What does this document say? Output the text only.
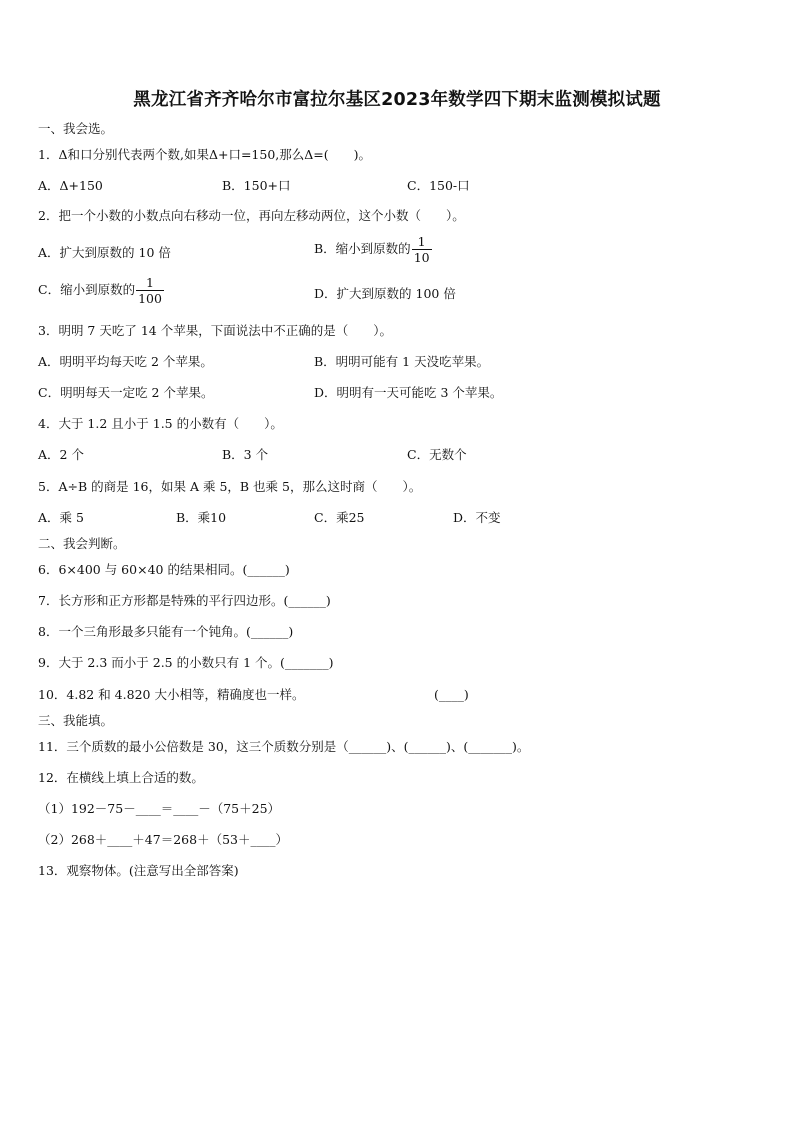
黑龙江省齐齐哈尔市富拉尔基区2023年数学四下期末监测模拟试题
一、我会选。
1．Δ和口分别代表两个数,如果Δ+口=150,那么Δ=(　　)。
A．Δ+150	B．150+口	C．150-口
2．把一个小数的小数点向右移动一位，再向左移动两位，这个小数（　　）。
A．扩大到原数的 10 倍	B．缩小到原数的 $\frac{1}{10}$
C．缩小到原数的 $\frac{1}{100}$	D．扩大到原数的 100 倍
3．明明 7 天吃了 14 个苹果，下面说法中不正确的是（　　）。
A．明明平均每天吃 2 个苹果。	B．明明可能有 1 天没吃苹果。
C．明明每天一定吃 2 个苹果。	D．明明有一天可能吃 3 个苹果。
4．大于 1.2 且小于 1.5 的小数有（　　）。
A．2 个	B．3 个	C．无数个
5．A÷B 的商是 16，如果 A 乘 5，B 也乘 5，那么这时商（　　）。
A．乘 5	B．乘10	C．乘25	D．不变
二、我会判断。
6．6×400 与 60×40 的结果相同。(______)
7．长方形和正方形都是特殊的平行四边形。(______)
8．一个三角形最多只能有一个钝角。(______)
9．大于 2.3 而小于 2.5 的小数只有 1 个。(_______)
10．4.82 和 4.820 大小相等，精确度也一样。	(____)
三、我能填。
11．三个质数的最小公倍数是 30，这三个质数分别是（______)、(______)、(_______)。
12．在横线上填上合适的数。
（1）192－75－____＝____－（75＋25）
（2）268＋____＋47＝268＋（53＋____）
13．观察物体。(注意写出全部答案)
